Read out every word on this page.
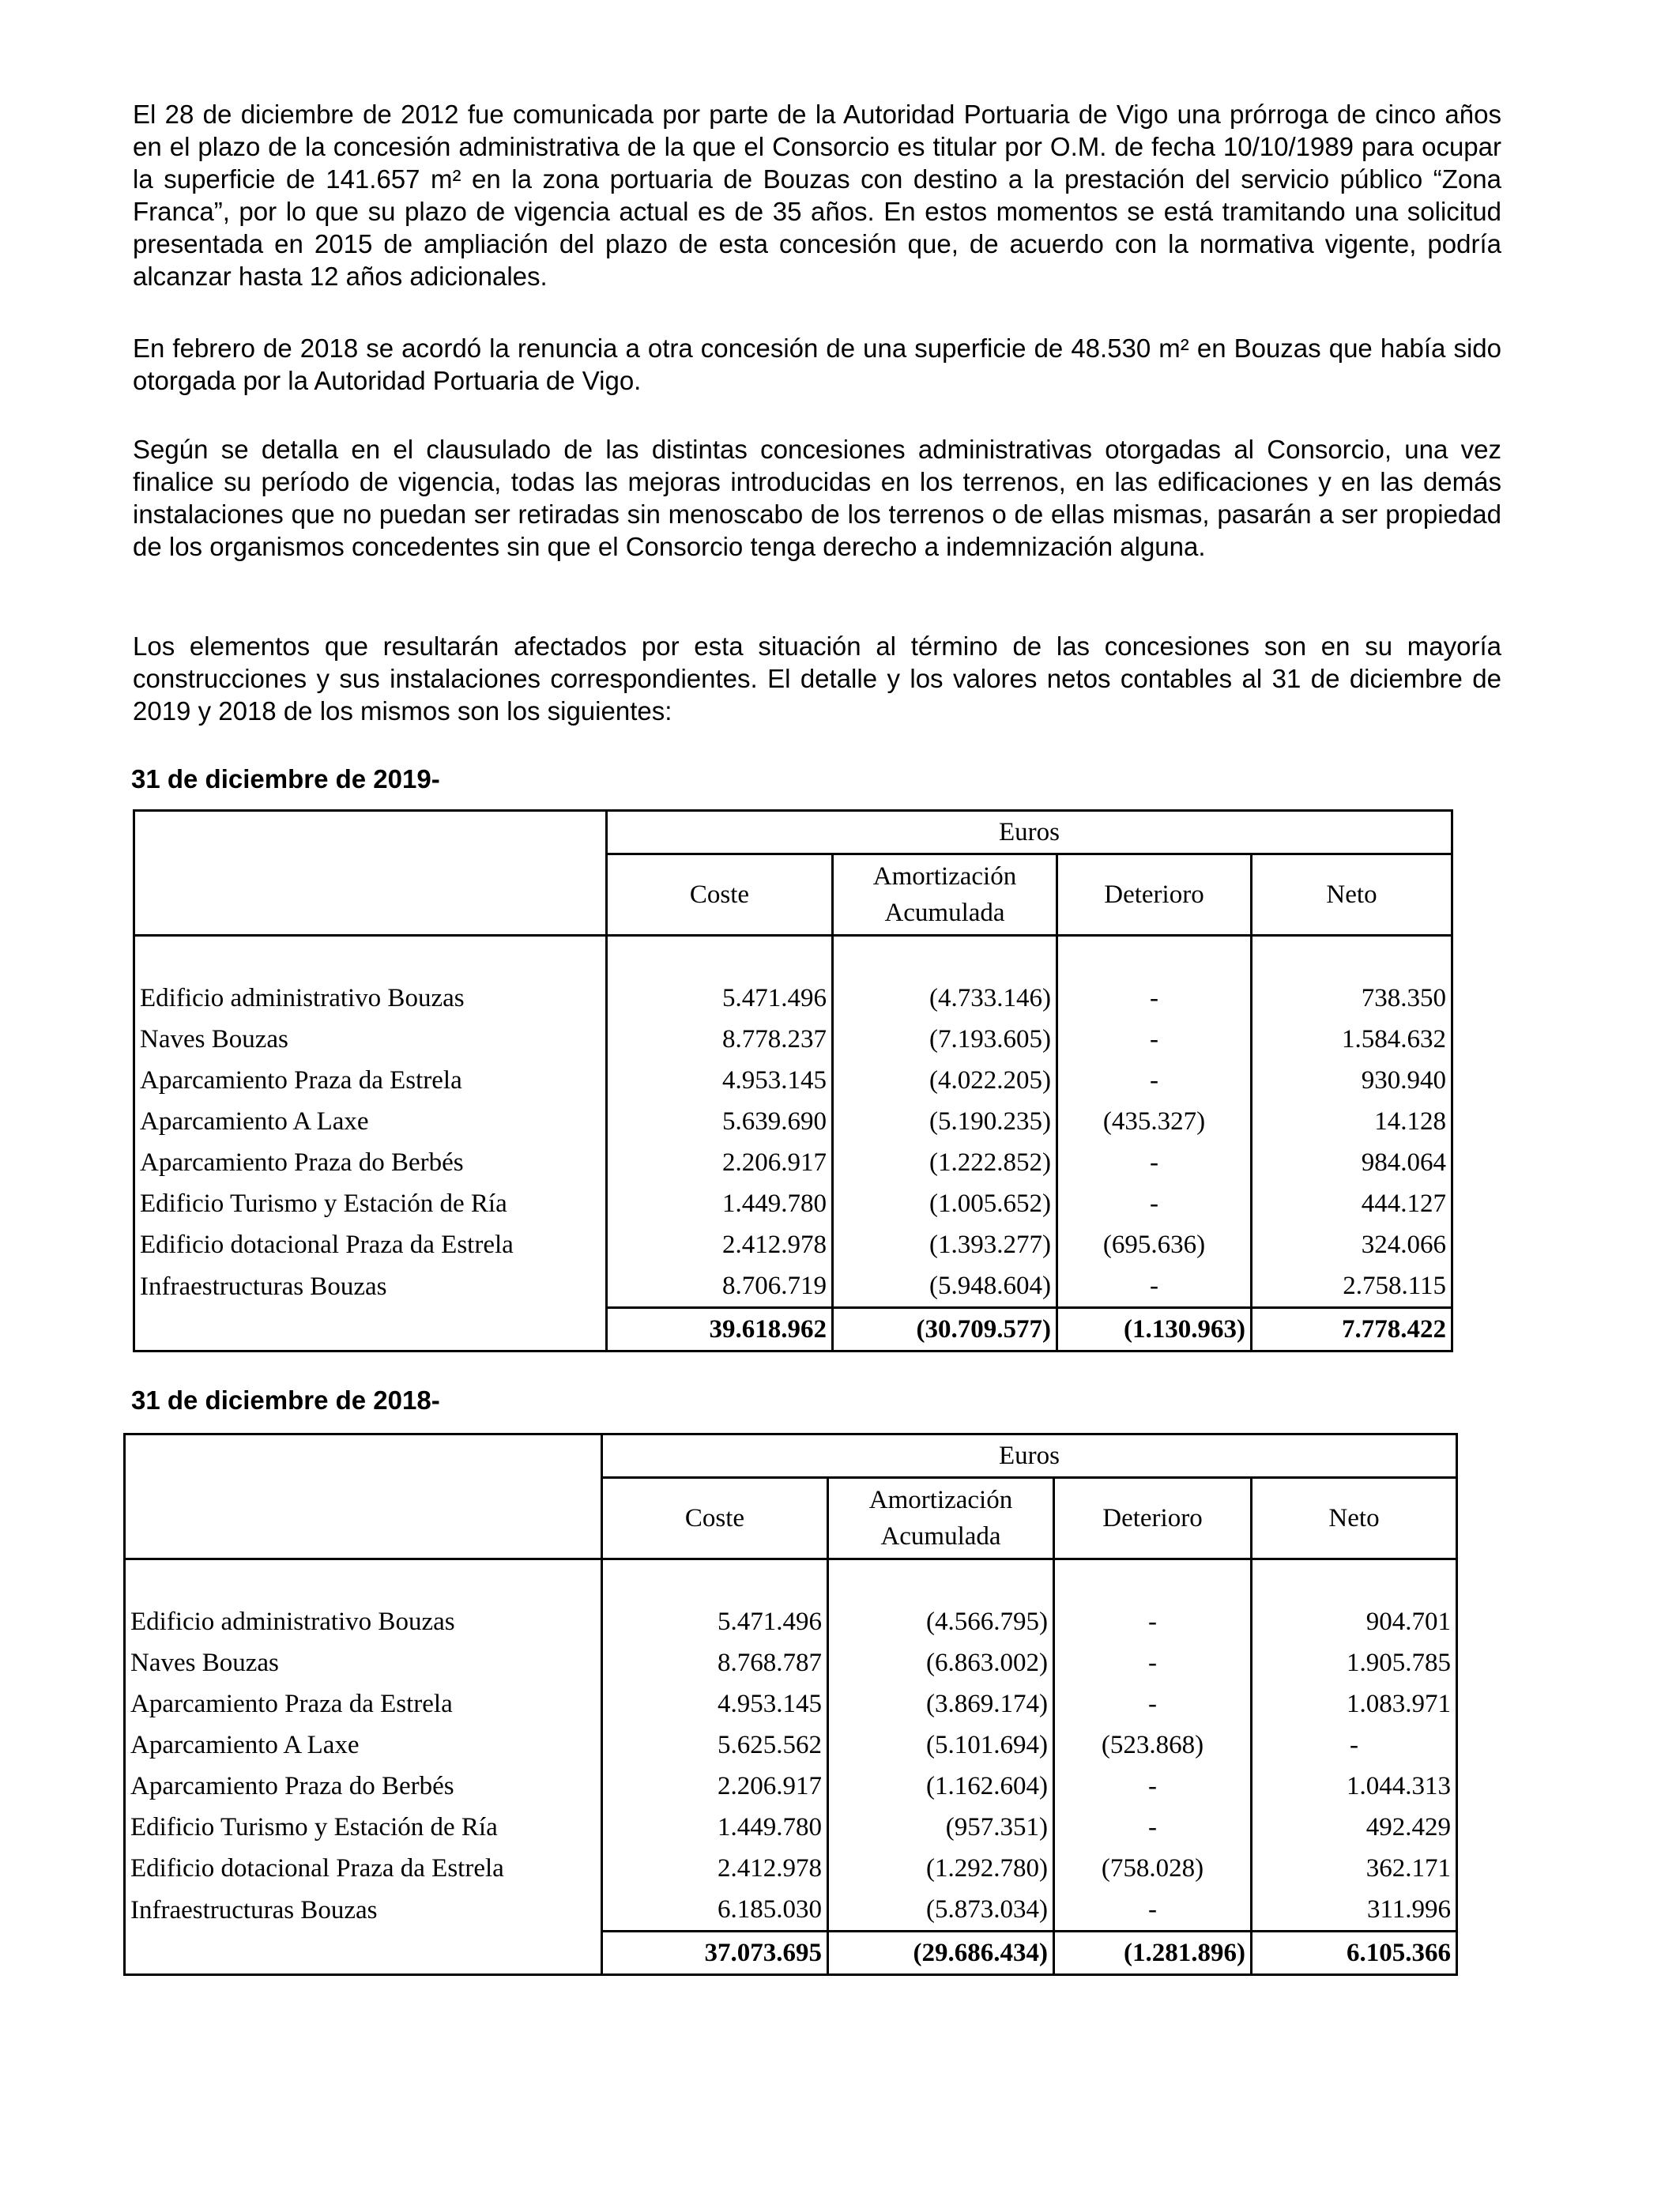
El 28 de diciembre de 2012 fue comunicada por parte de la Autoridad Portuaria de Vigo una prórroga de cinco años en el plazo de la concesión administrativa de la que el Consorcio es titular por O.M. de fecha 10/10/1989 para ocupar la superficie de 141.657 m² en la zona portuaria de Bouzas con destino a la prestación del servicio público “Zona Franca”, por lo que su plazo de vigencia actual es de 35 años. En estos momentos se está tramitando una solicitud presentada en 2015 de ampliación del plazo de esta concesión que, de acuerdo con la normativa vigente, podría alcanzar hasta 12 años adicionales.

En febrero de 2018 se acordó la renuncia a otra concesión de una superficie de 48.530 m² en Bouzas que había sido otorgada por la Autoridad Portuaria de Vigo.

Según se detalla en el clausulado de las distintas concesiones administrativas otorgadas al Consorcio, una vez finalice su período de vigencia, todas las mejoras introducidas en los terrenos, en las edificaciones y en las demás instalaciones que no puedan ser retiradas sin menoscabo de los terrenos o de ellas mismas, pasarán a ser propiedad de los organismos concedentes sin que el Consorcio tenga derecho a indemnización alguna.

Los elementos que resultarán afectados por esta situación al término de las concesiones son en su mayoría construcciones y sus instalaciones correspondientes. El detalle y los valores netos contables al 31 de diciembre de 2019 y 2018 de los mismos son los siguientes:

31 de diciembre de 2019-

	Euros			
	Coste	Amortización
Acumulada	Deterioro	Neto

Edificio administrativo Bouzas	5.471.496	(4.733.146)	-	738.350
Naves Bouzas	8.778.237	(7.193.605)	-	1.584.632
Aparcamiento Praza da Estrela	4.953.145	(4.022.205)	-	930.940
Aparcamiento A Laxe	5.639.690	(5.190.235)	(435.327)	14.128
Aparcamiento Praza do Berbés	2.206.917	(1.222.852)	-	984.064
Edificio Turismo y Estación de Ría	1.449.780	(1.005.652)	-	444.127
Edificio dotacional Praza da Estrela	2.412.978	(1.393.277)	(695.636)	324.066
Infraestructuras Bouzas	8.706.719	(5.948.604)	-	2.758.115
	39.618.962	(30.709.577)	(1.130.963)	7.778.422

31 de diciembre de 2018-

	Euros			
	Coste	Amortización
Acumulada	Deterioro	Neto

Edificio administrativo Bouzas	5.471.496	(4.566.795)	-	904.701
Naves Bouzas	8.768.787	(6.863.002)	-	1.905.785
Aparcamiento Praza da Estrela	4.953.145	(3.869.174)	-	1.083.971
Aparcamiento A Laxe	5.625.562	(5.101.694)	(523.868)	-
Aparcamiento Praza do Berbés	2.206.917	(1.162.604)	-	1.044.313
Edificio Turismo y Estación de Ría	1.449.780	(957.351)	-	492.429
Edificio dotacional Praza da Estrela	2.412.978	(1.292.780)	(758.028)	362.171
Infraestructuras Bouzas	6.185.030	(5.873.034)	-	311.996
	37.073.695	(29.686.434)	(1.281.896)	6.105.366
